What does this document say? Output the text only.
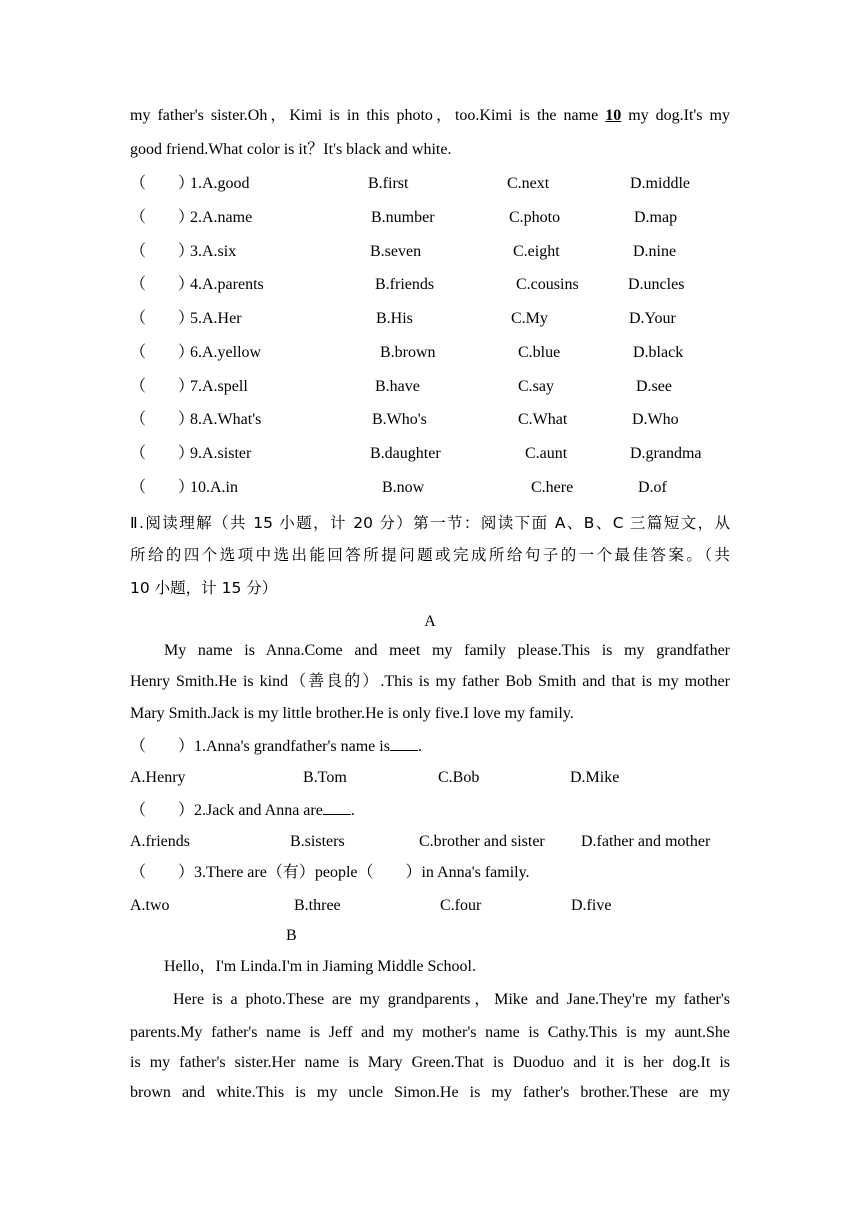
my father's sister.Oh，Kimi is in this photo，too.Kimi is the name 10 my dog.It's my
good friend.What color is it？It's black and white.
（　　）
1.A.good	B.first	C.next	D.middle
（　　）
2.A.name	B.number	C.photo	D.map
（　　）
3.A.six	B.seven	C.eight	D.nine
（　　）
4.A.parents	B.friends	C.cousins	D.uncles
（　　）
5.A.Her	B.His	C.My	D.Your
（　　）
6.A.yellow	B.brown	C.blue	D.black
（　　）
7.A.spell	B.have	C.say	D.see
（　　）
8.A.What's	B.Who's	C.What	D.Who
（　　）
9.A.sister	B.daughter	C.aunt	D.grandma
（　　）
10.A.in	B.now	C.here	D.of
Ⅱ.阅读理解（共 15 小题，计 20 分）第一节：阅读下面 A、B、C 三篇短文，从
所给的四个选项中选出能回答所提问题或完成所给句子的一个最佳答案。（共
10 小题，计 15 分）
A
My name is Anna.Come and meet my family please.This is my grandfather
Henry Smith.He is kind（善良的）.This is my father Bob Smith and that is my mother
Mary Smith.Jack is my little brother.He is only five.I love my family.
（　　）1.Anna's grandfather's name is .
A.Henry	B.Tom	C.Bob	D.Mike
（　　）2.Jack and Anna are .
A.friends	B.sisters	C.brother and sister D.father and mother
（　　）3.There are（有）people（　　）in Anna's family.
A.two	B.three	C.four	D.five
B
Hello，I'm Linda.I'm in Jiaming Middle School.
Here is a photo.These are my grandparents，Mike and Jane.They're my father's
parents.My father's name is Jeff and my mother's name is Cathy.This is my aunt.She
is my father's sister.Her name is Mary Green.That is Duoduo and it is her dog.It is
brown and white.This is my uncle Simon.He is my father's brother.These are my
